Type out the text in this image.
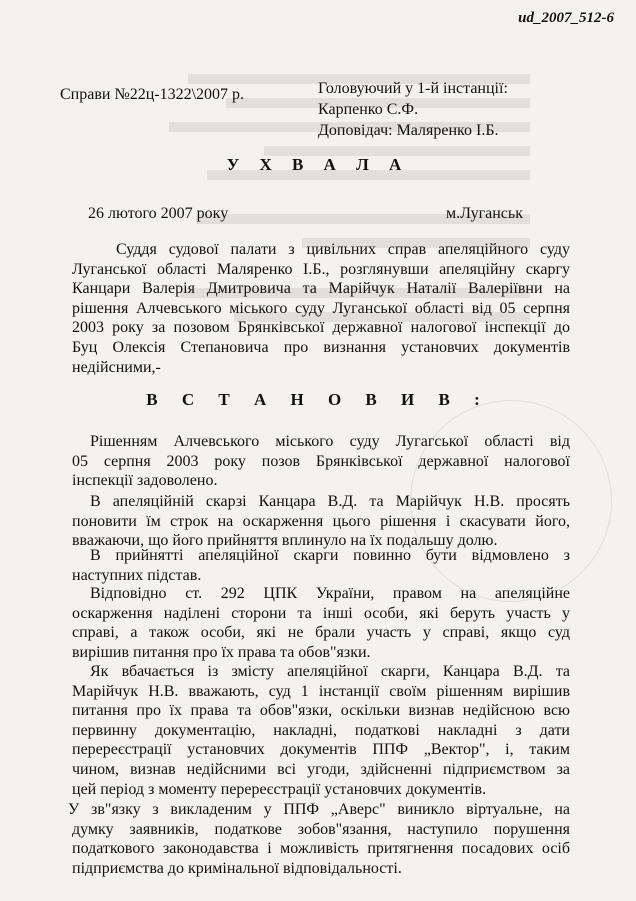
ud_2007_512-6
Справи №22ц-1322\2007 р.	Головуючий у 1-й інстанції:
Карпенко С.Ф.
Доповідач: Маляренко І.Б.
У Х В А Л А
26 лютого 2007 року	м.Луганськ
Суддя судової палати з цивільних справ апеляційного суду
Луганської області Маляренко І.Б., розглянувши апеляційну скаргу
Канцари Валерія Дмитровича та Марійчук Наталії Валеріївни на
рішення Алчевського міського суду Луганської області від 05 серпня
2003 року за позовом Брянківської державної налогової інспекції до
Буц Олексія Степановича про визнання установчих документів
недійсними,-
В С Т А Н О В И В :
Рішенням Алчевського міського суду Лугагської області від
05 серпня 2003 року позов Брянківської державної налогової
інспекції задоволено.
В апеляційній скарзі Канцара В.Д. та Марійчук Н.В. просять
поновити їм строк на оскарження цього рішення і скасувати його,
вважаючи, що його прийняття вплинуло на їх подальшу долю.
В прийнятті апеляційної скарги повинно бути відмовлено з
наступних підстав.
Відповідно ст. 292 ЦПК України, правом на апеляційне
оскарження наділені сторони та інші особи, які беруть участь у
справі, а також особи, які не брали участь у справі, якщо суд
вирішив питання про їх права та обов"язки.
Як вбачається із змісту апеляційної скарги, Канцара В.Д. та
Марійчук Н.В. вважають, суд 1 інстанції своїм рішенням вирішив
питання про їх права та обов"язки, оскільки визнав недійсною всю
первинну документацію, накладні, податкові накладні з дати
перереєстрації установчих документів ППФ „Вектор", і, таким
чином, визнав недійсними всі угоди, здійсненні підприємством за
цей період з моменту перереєстрації установчих документів.
У зв"язку з викладеним у ППФ „Аверс" виникло віртуальне, на
думку заявників, податкове зобов"язання, наступило порушення
податкового законодавства і можливість притягнення посадових осіб
підприємства до кримінальної відповідальності.
